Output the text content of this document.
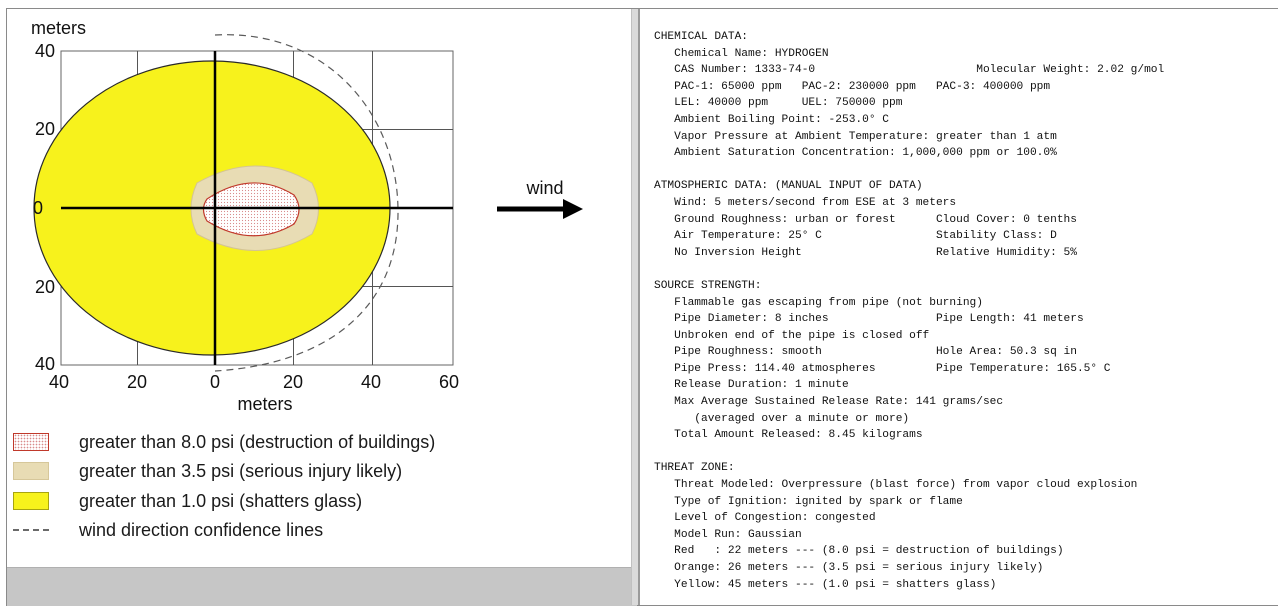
meters
40
20
0
20
40
40	20	0	20	40	60
meters
greater than 8.0 psi (destruction of buildings)
greater than 3.5 psi (serious injury likely)
greater than 1.0 psi (shatters glass)
wind direction confidence lines
wind
CHEMICAL DATA:
Chemical Name: HYDROGEN
CAS Number: 1333-74-0                        Molecular Weight: 2.02 g/mol
PAC-1: 65000 ppm   PAC-2: 230000 ppm   PAC-3: 400000 ppm
LEL: 40000 ppm     UEL: 750000 ppm
Ambient Boiling Point: -253.0° C
Vapor Pressure at Ambient Temperature: greater than 1 atm
Ambient Saturation Concentration: 1,000,000 ppm or 100.0%
ATMOSPHERIC DATA: (MANUAL INPUT OF DATA)
Wind: 5 meters/second from ESE at 3 meters
Ground Roughness: urban or forest      Cloud Cover: 0 tenths
Air Temperature: 25° C                 Stability Class: D
No Inversion Height                    Relative Humidity: 5%
SOURCE STRENGTH:
Flammable gas escaping from pipe (not burning)
Pipe Diameter: 8 inches                Pipe Length: 41 meters
Unbroken end of the pipe is closed off
Pipe Roughness: smooth                 Hole Area: 50.3 sq in
Pipe Press: 114.40 atmospheres         Pipe Temperature: 165.5° C
Release Duration: 1 minute
Max Average Sustained Release Rate: 141 grams/sec
(averaged over a minute or more)
Total Amount Released: 8.45 kilograms
THREAT ZONE:
Threat Modeled: Overpressure (blast force) from vapor cloud explosion
Type of Ignition: ignited by spark or flame
Level of Congestion: congested
Model Run: Gaussian
Red   : 22 meters --- (8.0 psi = destruction of buildings)
Orange: 26 meters --- (3.5 psi = serious injury likely)
Yellow: 45 meters --- (1.0 psi = shatters glass)
